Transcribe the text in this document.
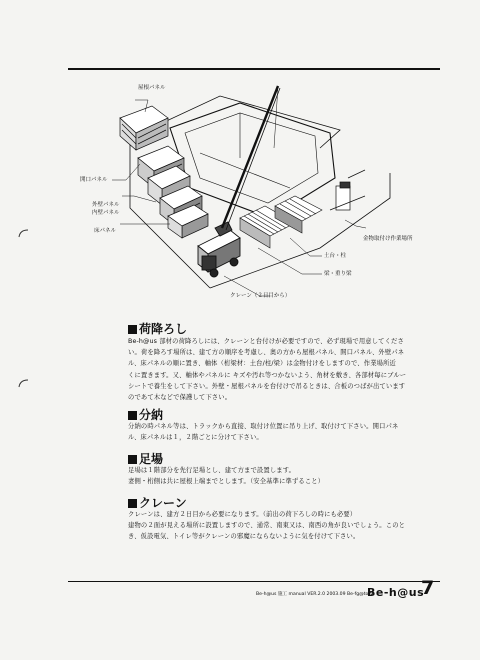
屋根パネル
開口パネル
外壁パネル
内壁パネル
床パネル
金物取付け作業場所
土台・柱
梁・重り梁
クレーン（２日目から）
荷降ろし
Be-h@us 部材の荷降ろしには、クレーンと台付けが必要ですので、必ず現場で用意してくださ
い。荷を降ろす場所は、建て方の順序を考慮し、奥の方から屋根パネル、開口パネル、外壁パネ
ル、床パネルの順に置き、軸体（桁梁材：土台/柱/梁）は金物付けをしますので、作業場所近
くに置きます。又、軸体やパネルに キズや汚れ等つかないよう、角材を敷き、各部材毎にブルー
シートで養生をして下さい。外壁・屋根パネルを台付けで吊るときは、合板のつばが出ています
のであて木などで保護して下さい。
分納
分納の時パネル等は、トラックから直接、取付け位置に吊り上げ、取付けて下さい。開口パネ
ル、床パネルは１，２階ごとに分けて下さい。
足場
足場は１階部分を先行足場とし、建て方まで設置します。
妻側・桁側は共に屋根上端までとします。（安全基準に準ずること）
クレーン
クレーンは、建方２日目から必要になります。（前出の荷下ろしの時にも必要）
建物の２面が見える場所に設置しますので、通常、南東又は、南西の角が良いでしょう。このと
き、仮設電気、トイレ等がクレーンの邪魔にならないように気を付けて下さい。
Be-h@us 施工 manual VER.2.0 2003.09 Be-fg@tory
Be-h@us
7
